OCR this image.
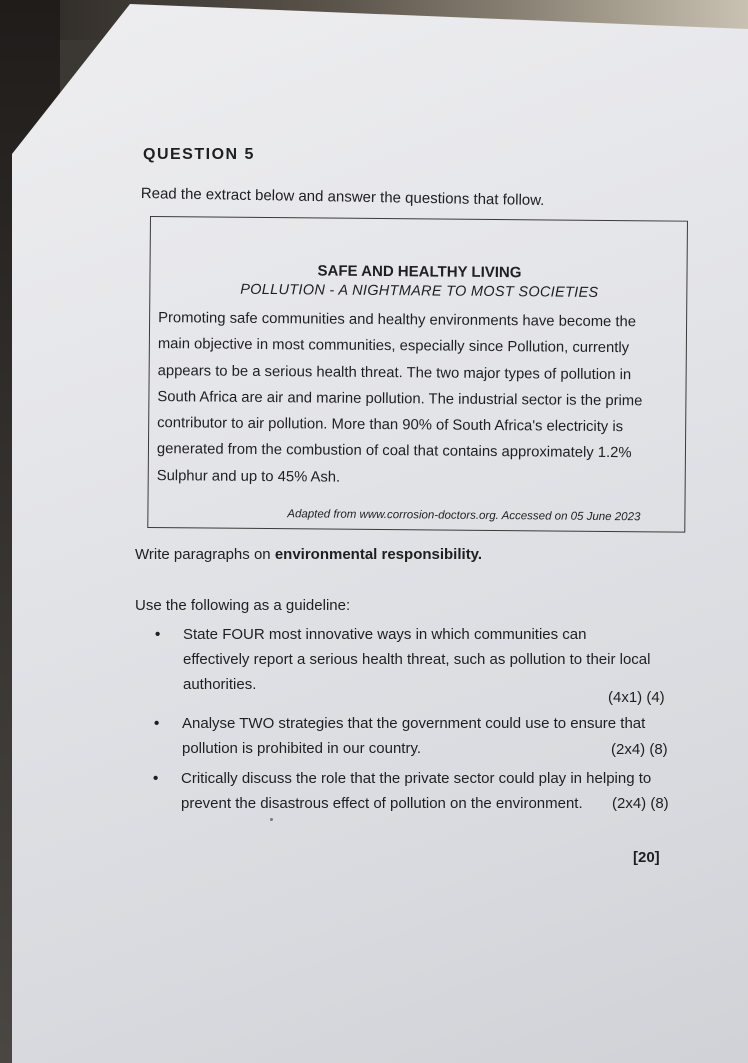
QUESTION 5
Read the extract below and answer the questions that follow.
SAFE AND HEALTHY LIVING
POLLUTION - A NIGHTMARE TO MOST SOCIETIES
Promoting safe communities and healthy environments have become the
main objective in most communities, especially since Pollution, currently
appears to be a serious health threat. The two major types of pollution in
South Africa are air and marine pollution. The industrial sector is the prime
contributor to air pollution. More than 90% of South Africa's electricity is
generated from the combustion of coal that contains approximately 1.2%
Sulphur and up to 45% Ash.
Adapted from www.corrosion-doctors.org. Accessed on 05 June 2023
Write paragraphs on environmental responsibility.
Use the following as a guideline:
• State FOUR most innovative ways in which communities can
effectively report a serious health threat, such as pollution to their local
authorities.
(4x1) (4)
• Analyse TWO strategies that the government could use to ensure that
pollution is prohibited in our country.	(2x4) (8)
• Critically discuss the role that the private sector could play in helping to
prevent the disastrous effect of pollution on the environment.	(2x4) (8)
[20]
